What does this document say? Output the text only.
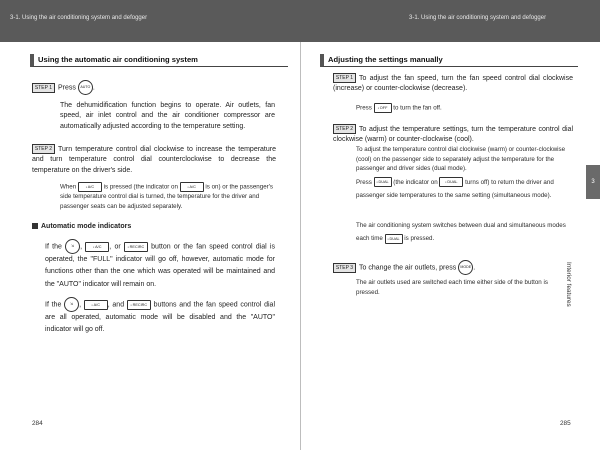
3-1. Using the air conditioning system and defogger	3-1. Using the air conditioning system and defogger
Using the automatic air conditioning system
STEP 1 Press AUTO .
The dehumidification function begins to operate. Air outlets, fan speed, air inlet control and the air conditioner compressor are automatically adjusted according to the temperature setting.
STEP 2 Turn temperature control dial clockwise to increase the temperature and turn temperature control dial counterclockwise to decrease the temperature on the driver's side.
When	▪ A/C is pressed (the indicator on	▪ A/C is on) or the passenger's side temperature control dial is turned, the temperature for the driver and passenger seats can be adjusted separately.
Automatic mode indicators
If the	⇲ ,	▪ A/C , or ▪ RECIRC button or the fan speed control dial is operated, the "FULL" indicator will go off, however, automatic mode for functions other than the one which was operated will be maintained and the "AUTO" indicator will remain on.
If the ⇲ ,	▪ A/C , and ▪ RECIRC buttons and the fan speed control dial are all operated, automatic mode will be disabled and the "AUTO" indicator will go off.
284
Adjusting the settings manually
STEP 1 To adjust the fan speed, turn the fan speed control dial clockwise (increase) or counter-clockwise (decrease).
Press ▪ OFF to turn the fan off.
STEP 2 To adjust the temperature settings, turn the temperature control dial clockwise (warm) or counter-clockwise (cool).
To adjust the temperature control dial clockwise (warm) or counter-clockwise (cool) on the passenger side to separately adjust the temperature for the passenger and driver sides (dual mode).
Press ▪ DUAL (the indicator on	▪ DUAL turns off) to return the driver and passenger side temperatures to the same setting (simultaneous mode).
The air conditioning system switches between dual and simultaneous modes each time ▪ DUAL is pressed.
STEP 3 To change the air outlets, press MODE .
The air outlets used are switched each time either side of the button is pressed.
285
3
Interior features
